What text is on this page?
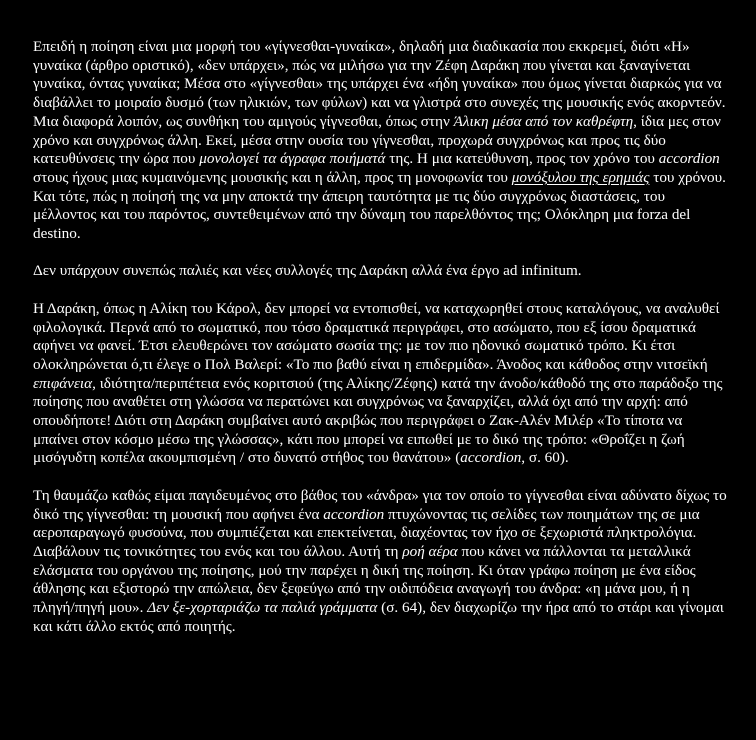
Επειδή η ποίηση είναι μια μορφή του «γίγνεσθαι-γυναίκα», δηλαδή μια διαδικασία που εκκρεμεί, διότι «Η» γυναίκα (άρθρο οριστικό), «δεν υπάρχει», πώς να μιλήσω για την Ζέφη Δαράκη που γίνεται και ξαναγίνεται γυναίκα, όντας γυναίκα; Μέσα στο «γίγνεσθαι» της υπάρχει ένα «ήδη γυναίκα» που όμως γίνεται διαρκώς για να διαβάλλει το μοιραίο δυσμό (των ηλικιών, των φύλων) και να γλιστρά στο συνεχές της μουσικής ενός ακορντεόν. Μια διαφορά λοιπόν, ως συνθήκη του αμιγούς γίγνεσθαι, όπως στην Άλικη μέσα από τον καθρέφτη, ίδια μες στον χρόνο και συγχρόνως άλλη. Εκεί, μέσα στην ουσία του γίγνεσθαι, προχωρά συγχρόνως και προς τις δύο κατευθύνσεις την ώρα που μονολογεί τα άγραφα ποιήματά της. Η μια κατεύθυνση, προς τον χρόνο του accordion στους ήχους μιας κυμαινόμενης μουσικής και η άλλη, προς τη μονοφωνία του μονόξυλου της ερημιάς του χρόνου. Και τότε, πώς η ποίησή της να μην αποκτά την άπειρη ταυτότητα με τις δύο συγχρόνως διαστάσεις, του μέλλοντος και του παρόντος, συντεθειμένων από την δύναμη του παρελθόντος της; Ολόκληρη μια forza del destino.

Δεν υπάρχουν συνεπώς παλιές και νέες συλλογές της Δαράκη αλλά ένα έργο ad infinitum.

Η Δαράκη, όπως η Αλίκη του Κάρολ, δεν μπορεί να εντοπισθεί, να καταχωρηθεί στους καταλόγους, να αναλυθεί φιλολογικά. Περνά από το σωματικό, που τόσο δραματικά περιγράφει, στο ασώματο, που εξ ίσου δραματικά αφήνει να φανεί. Έτσι ελευθερώνει τον ασώματο σωσία της: με τον πιο ηδονικό σωματικό τρόπο. Κι έτσι ολοκληρώνεται ό,τι έλεγε ο Πολ Βαλερί: «Το πιο βαθύ είναι η επιδερμίδα». Άνοδος και κάθοδος στην νιτσεϊκή επιφάνεια, ιδιότητα/περιπέτεια ενός κοριτσιού (της Αλίκης/Ζέφης) κατά την άνοδο/κάθοδό της στο παράδοξο της ποίησης που αναθέτει στη γλώσσα να περατώνει και συγχρόνως να ξαναρχίζει, αλλά όχι από την αρχή: από οπουδήποτε! Διότι στη Δαράκη συμβαίνει αυτό ακριβώς που περιγράφει ο Ζακ-Αλέν Μιλέρ «Το τίποτα να μπαίνει στον κόσμο μέσω της γλώσσας», κάτι που μπορεί να ειπωθεί με το δικό της τρόπο: «Θροΐζει η ζωή μισόγυδτη κοπέλα ακουμπισμένη / στο δυνατό στήθος του θανάτου» (accordion, σ. 60).

Τη θαυμάζω καθώς είμαι παγιδευμένος στο βάθος του «άνδρα» για τον οποίο το γίγνεσθαι είναι αδύνατο δίχως το δικό της γίγνεσθαι: τη μουσική που αφήνει ένα accordion πτυχώνοντας τις σελίδες των ποιημάτων της σε μια αεροπαραγωγό φυσούνα, που συμπιέζεται και επεκτείνεται, διαχέοντας τον ήχο σε ξεχωριστά πληκτρολόγια. Διαβάλουν τις τονικότητες του ενός και του άλλου. Αυτή τη ροή αέρα που κάνει να πάλλονται τα μεταλλικά ελάσματα του οργάνου της ποίησης, μού την παρέχει η δική της ποίηση. Κι όταν γράφω ποίηση με ένα είδος άθλησης και εξιστορώ την απώλεια, δεν ξεφεύγω από την οιδιπόδεια αναγωγή του άνδρα: «η μάνα μου, ή η πληγή/πηγή μου». Δεν ξε-χορταριάζω τα παλιά γράμματα (σ. 64), δεν διαχωρίζω την ήρα από το στάρι και γίνομαι και κάτι άλλο εκτός από ποιητής.
